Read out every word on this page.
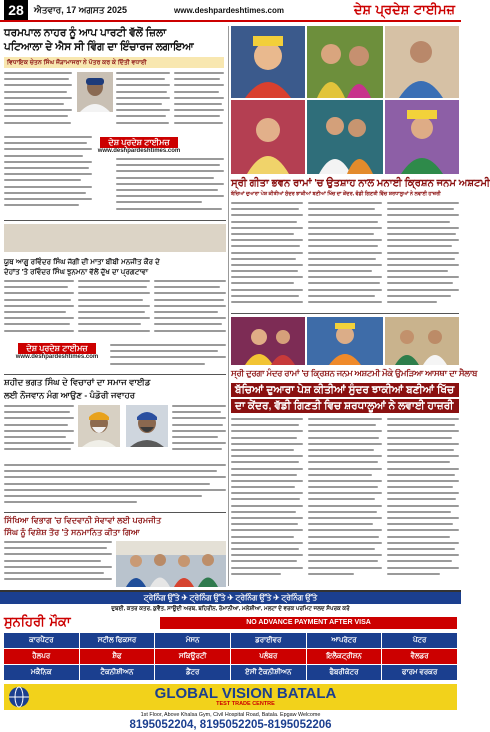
28	ਐਤਵਾਰ, 17 ਅਗਸਤ 2025	www.deshpardeshtimes.com	ਦੇਸ਼ ਪ੍ਰਦੇਸ਼ ਟਾਈਮਜ਼
ਧਰਮਪਾਲ ਨਾਹਰ ਨੂੰ ਆਪ ਪਾਰਟੀ ਵੱਲੋਂ ਜ਼ਿਲਾ
ਪਟਿਆਲਾ ਦੇ ਐਸ ਸੀ ਵਿੰਗ ਦਾ ਇੰਚਾਰਜ ਲਗਾਇਆ
ਵਿਧਾਇਕ ਚੇਤਨ ਸਿੰਘ ਜੌੜਾਮਾਜਰਾ ਨੇ ਪੱਤਰ ਕਰ ਕੇ ਦਿੱਤੀ ਵਧਾਈ
ਦੇਸ਼ ਪ੍ਰਦੇਸ਼ ਟਾਈਮਜ਼
www.deshpardeshtimes.com
ਸ੍ਰੀ ਗੀਤਾ ਭਵਨ ਰਾਮਾਂ 'ਚ ਉਤਸ਼ਾਹ ਨਾਲ ਮਨਾਈ ਕ੍ਰਿਸ਼ਨ ਜਨਮ ਅਸ਼ਟਮੀ
ਬੱਚਿਆਂ ਦੁਆਰਾ ਪੇਸ਼ ਕੀਤੀਆਂ ਸੁੰਦਰ ਝਾਕੀਆਂ ਬਣੀਆਂ ਖਿੱਚ ਦਾ ਕੇਂਦਰ, ਵੱਡੀ ਗਿਣਤੀ ਵਿੱਚ ਸ਼ਰਧਾਲੂਆਂ ਨੇ ਲਵਾਈ ਹਾਜ਼ਰੀ
ਯੂਥ ਆਗੂ ਰਵਿੰਦਰ ਸਿੰਘ ਜੱਗੀ ਦੀ ਮਾਤਾ ਬੀਬੀ ਮਨਜੀਤ ਕੌਰ ਦੇ
ਦੇਹਾਂਤ 'ਤੇ ਰਵਿੰਦਰ ਸਿੰਘ ਝੁਨਮਨਾ ਵੱਲੋਂ ਦੁੱਖ ਦਾ ਪ੍ਰਗਟਾਵਾ
ਦੇਸ਼ ਪ੍ਰਦੇਸ਼ ਟਾਈਮਜ਼
www.deshpardeshtimes.com
ਸ਼ਹੀਦ ਭਗਤ ਸਿੰਘ ਦੇ ਵਿਚਾਰਾਂ ਦਾ ਸਮਾਜ ਵਾਈਡ
ਲਈ ਨੌਜਵਾਨ ਮੰਗ ਆਉਣ - ਪੰਡੋਰੀ ਜਵਾਹਰ
ਸਿੱਖਿਆ ਵਿਭਾਗ 'ਚ ਵਿਦਵਾਨੀ ਸੇਵਾਵਾਂ ਲਈ ਪਰਮਜੀਤ
ਸਿੰਘ ਨੂੰ ਵਿਸ਼ੇਸ਼ ਤੌਰ 'ਤੇ ਸਨਮਾਨਿਤ ਕੀਤਾ ਗਿਆ
ਸ੍ਰੀ ਦੁਰਗਾ ਮੰਦਰ ਰਾਮਾਂ 'ਚ ਕ੍ਰਿਸ਼ਨ ਜਨਮ ਅਸ਼ਟਮੀ ਮੌਕੇ ਉਮੜਿਆ ਆਸਥਾ ਦਾ ਸੈਲਾਬ
ਬੱਚਿਆਂ ਦੁਆਰਾ ਪੇਸ਼ ਕੀਤੀਆਂ ਸੁੰਦਰ ਝਾਕੀਆਂ ਬਣੀਆਂ ਖਿੱਚ
ਦਾ ਕੇਂਦਰ, ਵੱਡੀ ਗਿਣਤੀ ਵਿਚ ਸ਼ਰਧਾਲੂਆਂ ਨੇ ਲਵਾਈ ਹਾਜ਼ਰੀ
ਟ੍ਰੇਨਿੰਗ ਉੱਤੇ ✈ ਟ੍ਰੇਨਿੰਗ ਉੱਤੇ ✈ ਟ੍ਰੇਨਿੰਗ ਉੱਤੇ ✈ ਟ੍ਰੇਨਿੰਗ ਉੱਤੇ
ਦੁਬਈ, ਕਤਰ ਕਤਰ, ਕੁਵੈਤ, ਸਾਊਦੀ ਅਰਬ, ਬਹਿਰੀਨ, ਰੋਮਾਨੀਆ, ਮਲੇਸ਼ੀਆ, ਮਲਟਾ ਦੇ ਵਰਕ ਪਰਮਿਟ ਜਲਦ ਸੰਪਰਕ ਕਰੋ
ਸੁਨਹਿਰੀ ਮੌਕਾ	NO ADVANCE PAYMENT AFTER VISA
ਕਾਰਪੈਂਟਰ	ਸਟੀਲ ਫਿਕਸਰ	ਮੇਸਨ	ਡਰਾਈਵਰ	ਆਪਰੇਟਰ	ਪੇਂਟਰ
ਹੈਲਪਰ	ਸ਼ੈਫ	ਸਕਿਊਰਟੀ	ਪਲੰਬਰ	ਇਲੈਕਟ੍ਰੀਸ਼ਨ	ਵੈਲਡਰ
ਮਕੈਨਿਕ	ਟੈਕਨੀਸ਼ੀਅਨ	ਡੈਂਟਰ	ਏਸੀ ਟੈਕਨੀਸ਼ੀਅਨ	ਫੈਬਰੀਕੇਟਰ	ਫਾਰਮ ਵਰਕਰ
GLOBAL VISION BATALA
TEST TRADE CENTRE
1st Floor, Above Khalsa Gym, Civil Hospital Road, Batala. Epgaw Welcome
8195052204, 8195052205-8195052206
